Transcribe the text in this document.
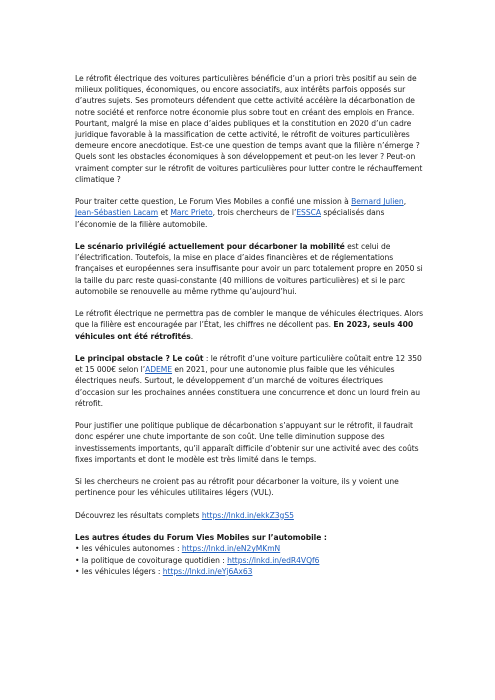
Le rétrofit électrique des voitures particulières bénéficie d’un a priori très positif au sein de milieux politiques, économiques, ou encore associatifs, aux intérêts parfois opposés sur d’autres sujets. Ses promoteurs défendent que cette activité accélère la décarbonation de notre société et renforce notre économie plus sobre tout en créant des emplois en France. Pourtant, malgré la mise en place d’aides publiques et la constitution en 2020 d’un cadre juridique favorable à la massification de cette activité, le rétrofit de voitures particulières demeure encore anecdotique. Est-ce une question de temps avant que la filière n’émerge ? Quels sont les obstacles économiques à son développement et peut-on les lever ? Peut-on vraiment compter sur le rétrofit de voitures particulières pour lutter contre le réchauffement climatique ?

Pour traiter cette question, Le Forum Vies Mobiles a confié une mission à Bernard Julien, Jean-Sébastien Lacam et Marc Prieto, trois chercheurs de l’ESSCA spécialisés dans l’économie de la filière automobile.

Le scénario privilégié actuellement pour décarboner la mobilité est celui de l’électrification. Toutefois, la mise en place d’aides financières et de réglementations françaises et européennes sera insuffisante pour avoir un parc totalement propre en 2050 si la taille du parc reste quasi-constante (40 millions de voitures particulières) et si le parc automobile se renouvelle au même rythme qu’aujourd’hui.

Le rétrofit électrique ne permettra pas de combler le manque de véhicules électriques. Alors que la filière est encouragée par l’État, les chiffres ne décollent pas. En 2023, seuls 400 véhicules ont été rétrofités.

Le principal obstacle ? Le coût : le rétrofit d’une voiture particulière coûtait entre 12 350 et 15 000€ selon l’ADEME en 2021, pour une autonomie plus faible que les véhicules électriques neufs. Surtout, le développement d’un marché de voitures électriques d’occasion sur les prochaines années constituera une concurrence et donc un lourd frein au rétrofit.

Pour justifier une politique publique de décarbonation s’appuyant sur le rétrofit, il faudrait donc espérer une chute importante de son coût. Une telle diminution suppose des investissements importants, qu’il apparaît difficile d’obtenir sur une activité avec des coûts fixes importants et dont le modèle est très limité dans le temps.

Si les chercheurs ne croient pas au rétrofit pour décarboner la voiture, ils y voient une pertinence pour les véhicules utilitaires légers (VUL).

Découvrez les résultats complets https://lnkd.in/ekkZ3gS5

Les autres études du Forum Vies Mobiles sur l’automobile :
• les véhicules autonomes : https://lnkd.in/eN2yMKmN
• la politique de covoiturage quotidien : https://lnkd.in/edR4VQf6
• les véhicules légers : https://lnkd.in/eYj6Ax63
